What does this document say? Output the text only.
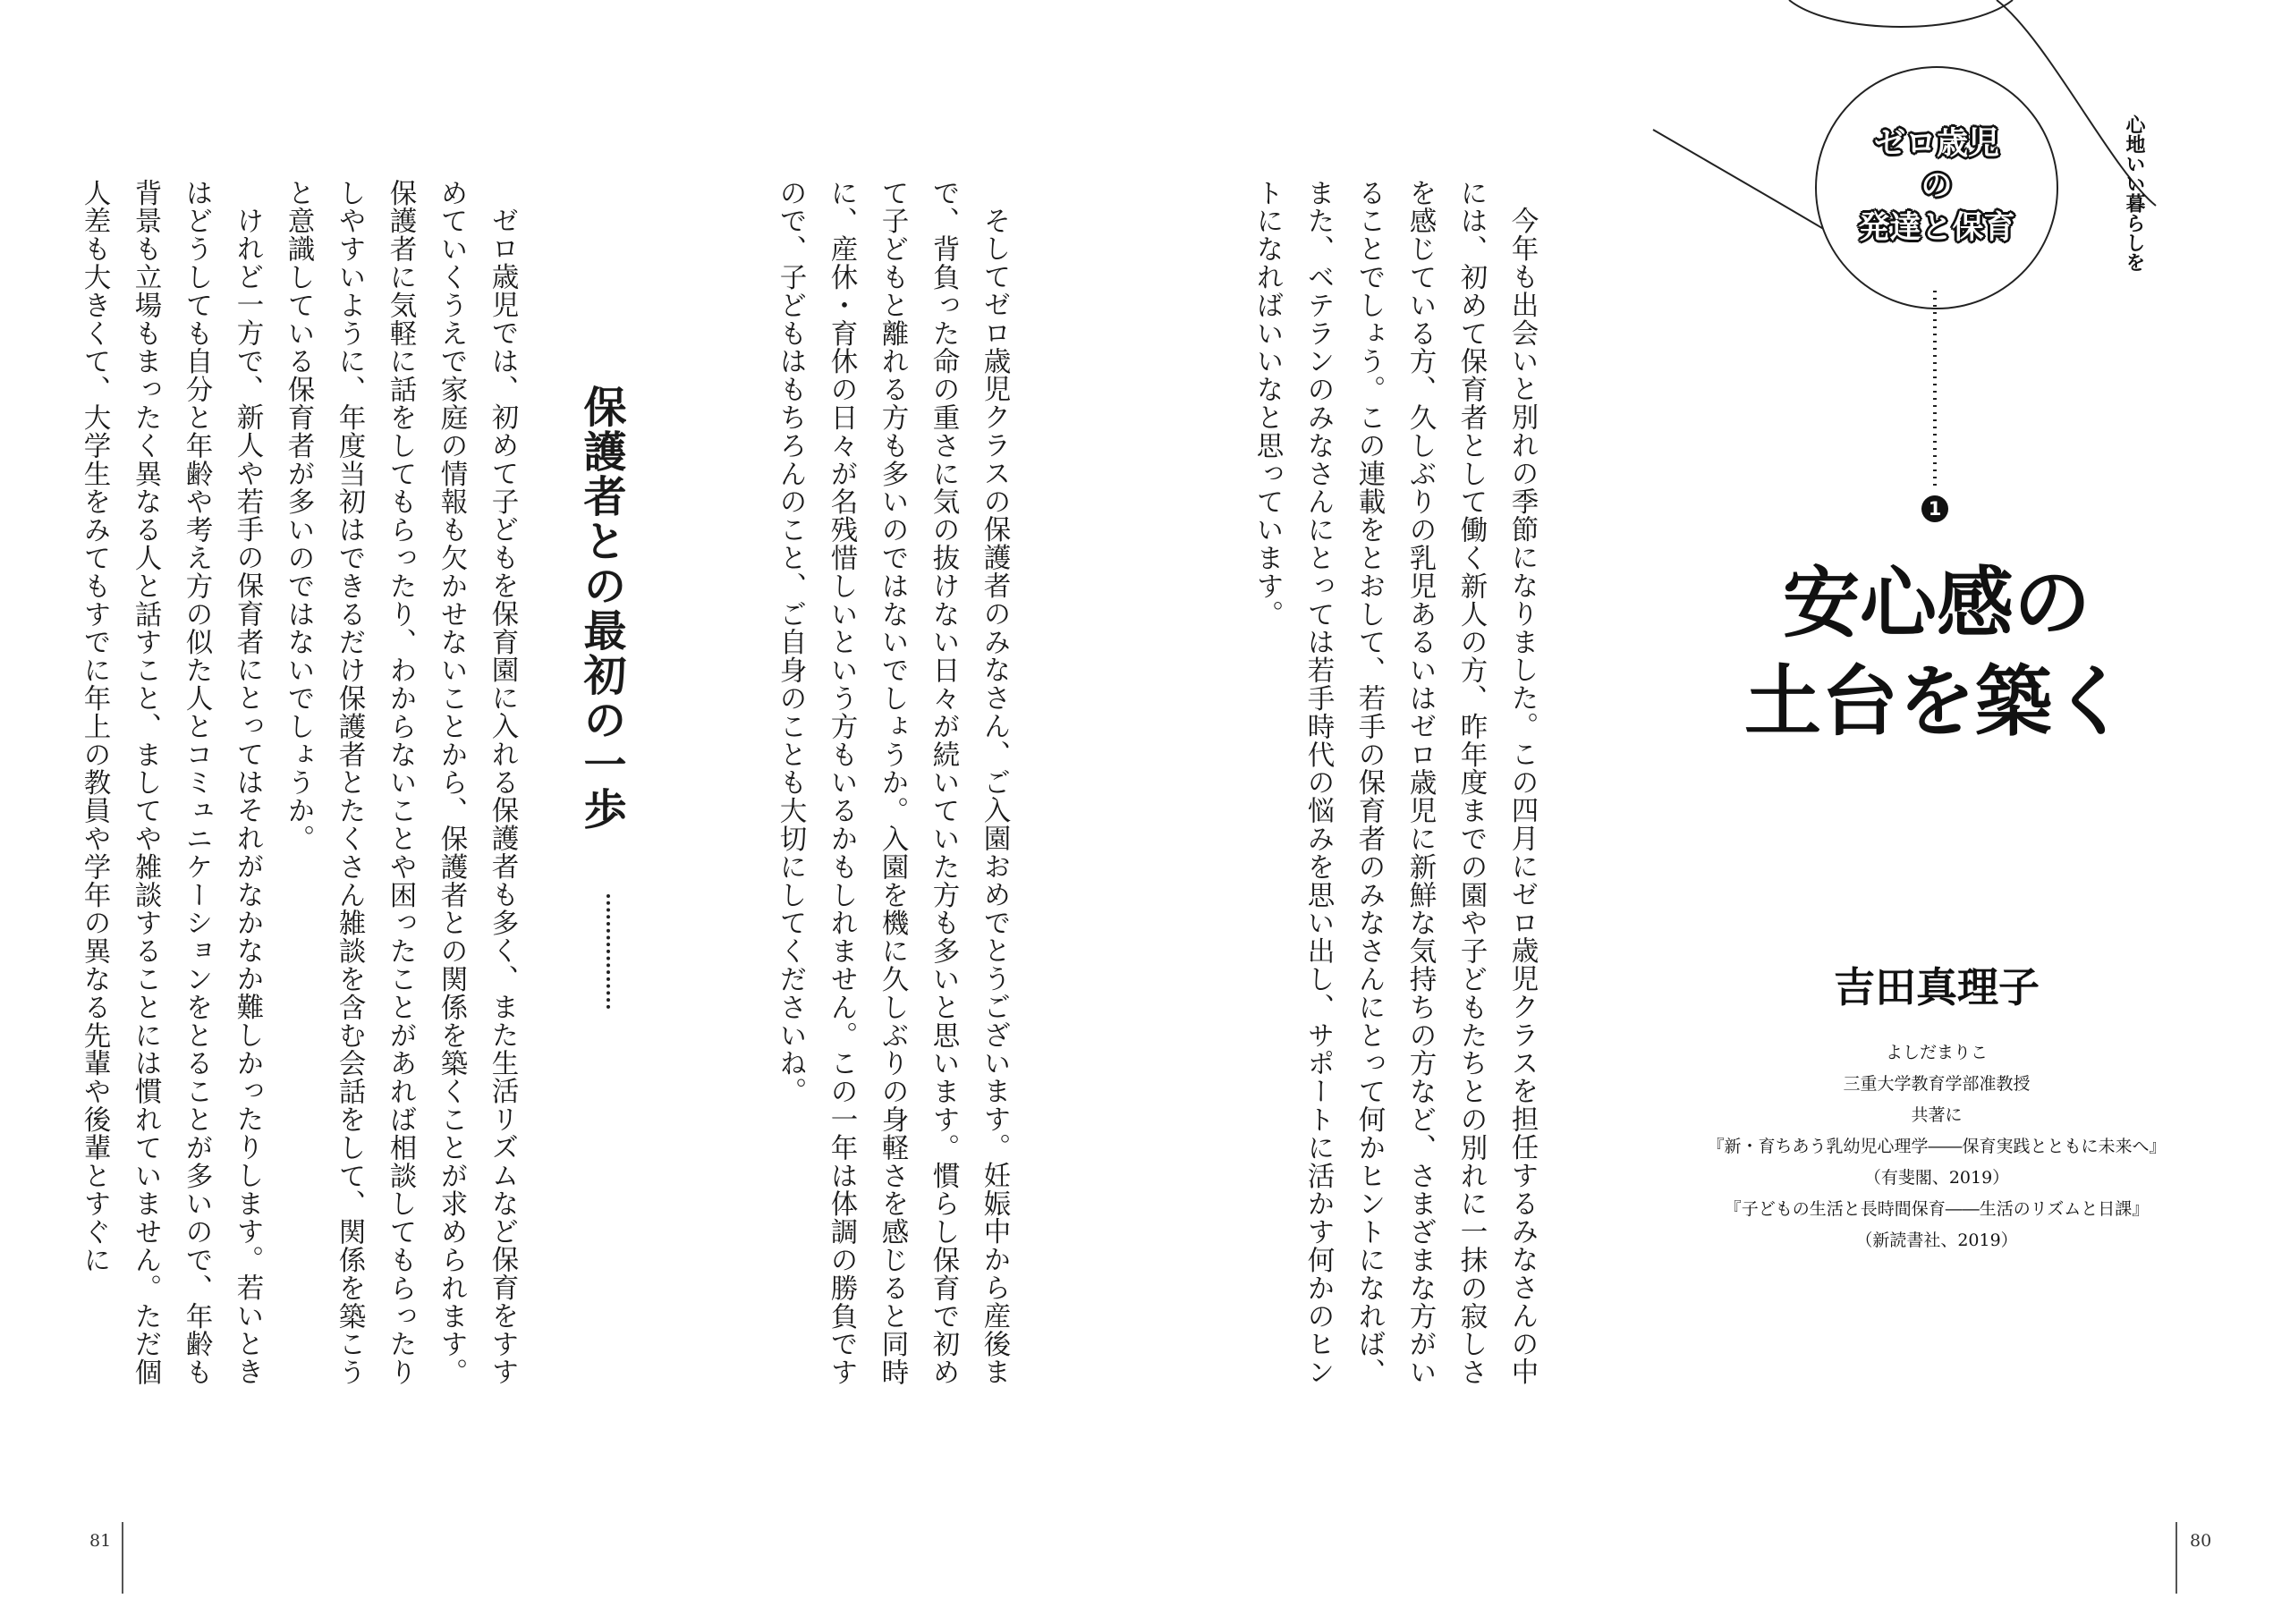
ゼロ歳児
の
発達と保育	心地いい暮らしを
1
安心感の
土台を築く
吉田真理子
よしだまりこ
三重大学教育学部准教授
共著に
『新・育ちあう乳幼児心理学――保育実践とともに未来へ』
（有斐閣、2019）
『子どもの生活と長時間保育――生活のリズムと日課』
（新読書社、2019）

今年も出会いと別れの季節になりました。この四月にゼロ歳児クラスを担任するみなさんの中には、初めて保育者として働く新人の方、昨年度までの園や子どもたちとの別れに一抹の寂しさを感じている方、久しぶりの乳児あるいはゼロ歳児に新鮮な気持ちの方など、さまざまな方がいることでしょう。この連載をとおして、若手の保育者のみなさんにとって何かヒントになれば、また、ベテランのみなさんにとっては若手時代の悩みを思い出し、サポートに活かす何かのヒントになればいいなと思っています。

そしてゼロ歳児クラスの保護者のみなさん、ご入園おめでとうございます。妊娠中から産後まで、背負った命の重さに気の抜けない日々が続いていた方も多いと思います。慣らし保育で初めて子どもと離れる方も多いのではないでしょうか。入園を機に久しぶりの身軽さを感じると同時に、産休・育休の日々が名残惜しいという方もいるかもしれません。この一年は体調の勝負ですので、子どもはもちろんのこと、ご自身のことも大切にしてくださいね。

保護者との最初の一歩

ゼロ歳児では、初めて子どもを保育園に入れる保護者も多く、また生活リズムなど保育をすすめていくうえで家庭の情報も欠かせないことから、保護者との関係を築くことが求められます。保護者に気軽に話をしてもらったり、わからないことや困ったことがあれば相談してもらったりしやすいように、年度当初はできるだけ保護者とたくさん雑談を含む会話をして、関係を築こうと意識している保育者が多いのではないでしょうか。

けれど一方で、新人や若手の保育者にとってはそれがなかなか難しかったりします。若いときはどうしても自分と年齢や考え方の似た人とコミュニケーションをとることが多いので、年齢も背景も立場もまったく異なる人と話すこと、ましてや雑談することには慣れていません。ただ個人差も大きくて、大学生をみてもすでに年上の教員や学年の異なる先輩や後輩とすぐに

81	80
